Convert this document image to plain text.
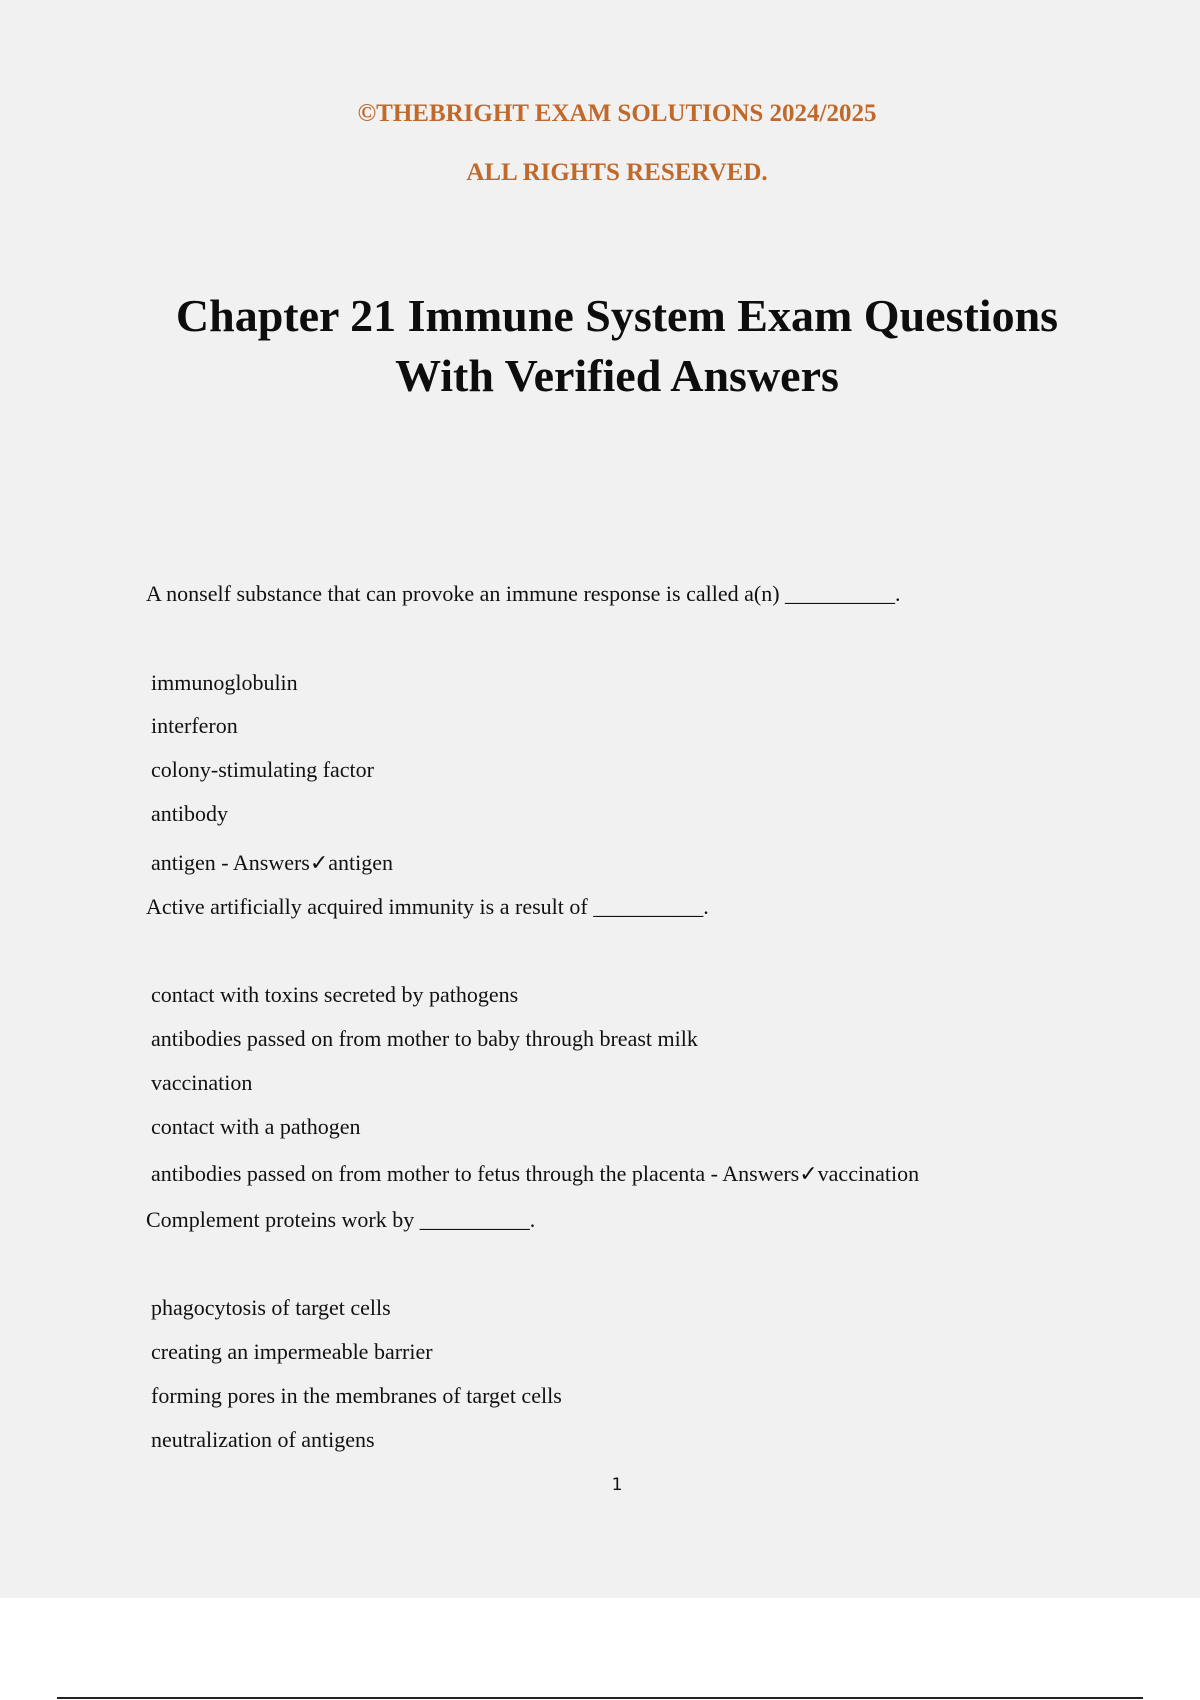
©THEBRIGHT EXAM SOLUTIONS 2024/2025
ALL RIGHTS RESERVED.
Chapter 21 Immune System Exam Questions
With Verified Answers
A nonself substance that can provoke an immune response is called a(n) __________.
immunoglobulin
interferon
colony-stimulating factor
antibody
antigen - Answers✓antigen
Active artificially acquired immunity is a result of __________.
contact with toxins secreted by pathogens
antibodies passed on from mother to baby through breast milk
vaccination
contact with a pathogen
antibodies passed on from mother to fetus through the placenta - Answers✓vaccination
Complement proteins work by __________.
phagocytosis of target cells
creating an impermeable barrier
forming pores in the membranes of target cells
neutralization of antigens
1
